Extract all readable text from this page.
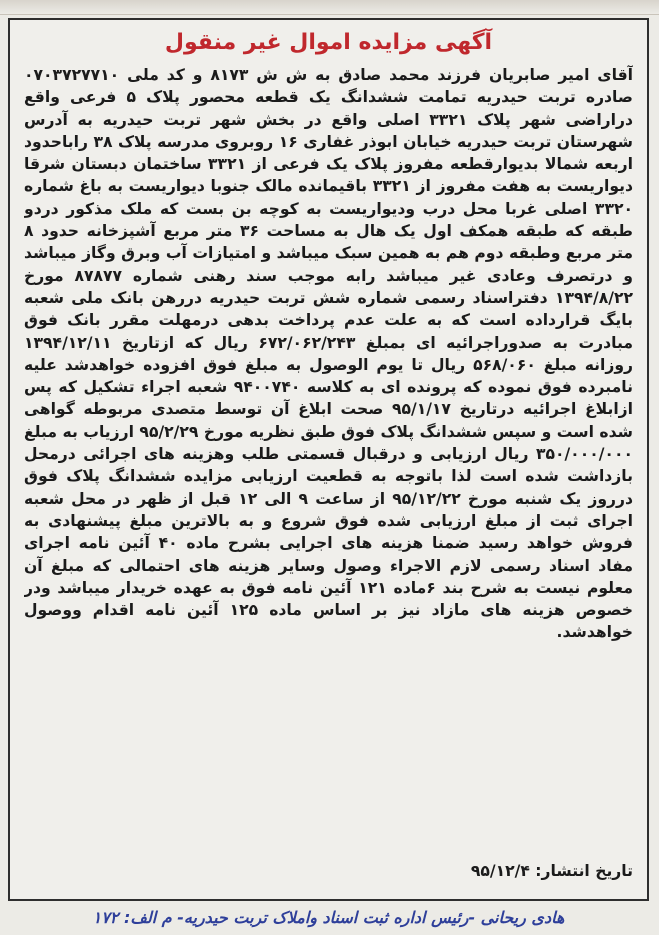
آگهی مزایده اموال غیر منقول
آقای امیر صابریان فرزند محمد صادق به ش ش ۸۱۷۳ و کد ملی ۰۷۰۳۷۲۷۷۱۰ صادره تربت حیدریه تمامت ششدانگ یک قطعه محصور پلاک ۵ فرعی واقع دراراضی شهر پلاک ۳۳۲۱ اصلی واقع در بخش شهر تربت حیدریه به آدرس شهرستان تربت حیدریه خیابان ابوذر غفاری ۱۶ روبروی مدرسه پلاک ۳۸ راباحدود اربعه شمالا بدیوارقطعه مفروز پلاک یک فرعی از ۳۳۲۱ ساختمان دبستان شرقا دیواریست به هفت مفروز از ۳۳۲۱ باقیمانده مالک جنوبا دیواریست به باغ شماره ۳۳۲۰ اصلی غربا محل درب ودیواریست به کوچه بن بست که ملک مذکور دردو طبقه که طبقه همکف اول یک هال به مساحت ۳۶ متر مربع آشپزخانه حدود ۸ متر مربع وطبقه دوم هم به همین سبک میباشد و امتیازات آب وبرق وگاز میباشد و درتصرف وعادی غیر میباشد رابه موجب سند رهنی شماره ۸۷۸۷۷ مورخ ۱۳۹۴/۸/۲۲ دفتراسناد رسمی شماره شش تربت حیدریه دررهن بانک ملی شعبه بایگ قرارداده است که به علت عدم پرداخت بدهی درمهلت مقرر بانک فوق مبادرت به صدوراجرائیه ای بمبلغ ۶۷۲/۰۶۲/۲۴۳ ریال که ازتاریخ ۱۳۹۴/۱۲/۱۱ روزانه مبلغ ۵۶۸/۰۶۰ ریال تا یوم الوصول به مبلغ فوق افزوده خواهدشد علیه نامبرده فوق نموده که پرونده ای به کلاسه ۹۴۰۰۷۴۰ شعبه اجراء تشکیل که پس ازابلاغ اجرائیه درتاریخ ۹۵/۱/۱۷ صحت ابلاغ آن توسط متصدی مربوطه گواهی شده است و سپس ششدانگ پلاک فوق طبق نظریه مورخ ۹۵/۲/۲۹ ارزیاب به مبلغ ۳۵۰/۰۰۰/۰۰۰ ریال ارزیابی و درقبال قسمتی طلب وهزینه های اجرائی درمحل بازداشت شده است لذا باتوجه به قطعیت ارزیابی مزایده ششدانگ پلاک فوق درروز یک شنبه مورخ ۹۵/۱۲/۲۲ از ساعت ۹ الی ۱۲ قبل از ظهر در محل شعبه اجرای ثبت از مبلغ ارزیابی شده فوق شروع و به بالاترین مبلغ پیشنهادی به فروش خواهد رسید ضمنا هزینه های اجرایی بشرح ماده ۴۰ آئین نامه اجرای مفاد اسناد رسمی لازم الاجراء وصول وسایر هزینه های احتمالی که مبلغ آن معلوم نیست به شرح بند ۶ماده ۱۲۱ آئین نامه فوق به عهده خریدار میباشد ودر خصوص هزینه های مازاد نیز بر اساس ماده ۱۲۵ آئین نامه اقدام ووصول خواهدشد.
تاریخ انتشار: ۹۵/۱۲/۴
هادی ریحانی -رئیس اداره ثبت اسناد واملاک تربت حیدریه- م الف: ۱۷۲
